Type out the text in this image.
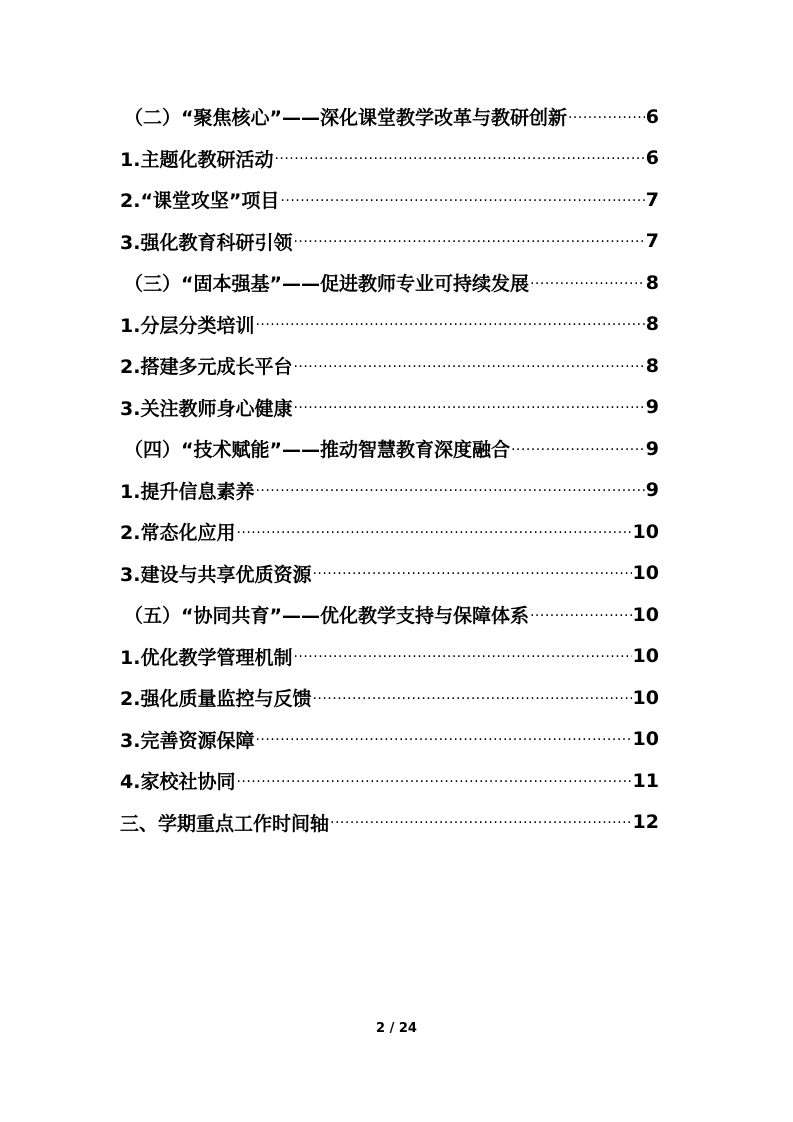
（二）“聚焦核心”——深化课堂教学改革与教研创新 ·····	6
1.主题化教研活动 ·····	6
2.“课堂攻坚”项目 ·····	7
3.强化教育科研引领 ·····	7
（三）“固本强基”——促进教师专业可持续发展 ·····	8
1.分层分类培训 ·····	8
2.搭建多元成长平台 ·····	8
3.关注教师身心健康 ·····	9
（四）“技术赋能”——推动智慧教育深度融合 ·····	9
1.提升信息素养 ·····	9
2.常态化应用 ·····	10
3.建设与共享优质资源 ·····	10
（五）“协同共育”——优化教学支持与保障体系 ·····	10
1.优化教学管理机制 ·····	10
2.强化质量监控与反馈 ·····	10
3.完善资源保障 ·····	10
4.家校社协同 ·····	11
三、学期重点工作时间轴 ·····	12
2 / 24
